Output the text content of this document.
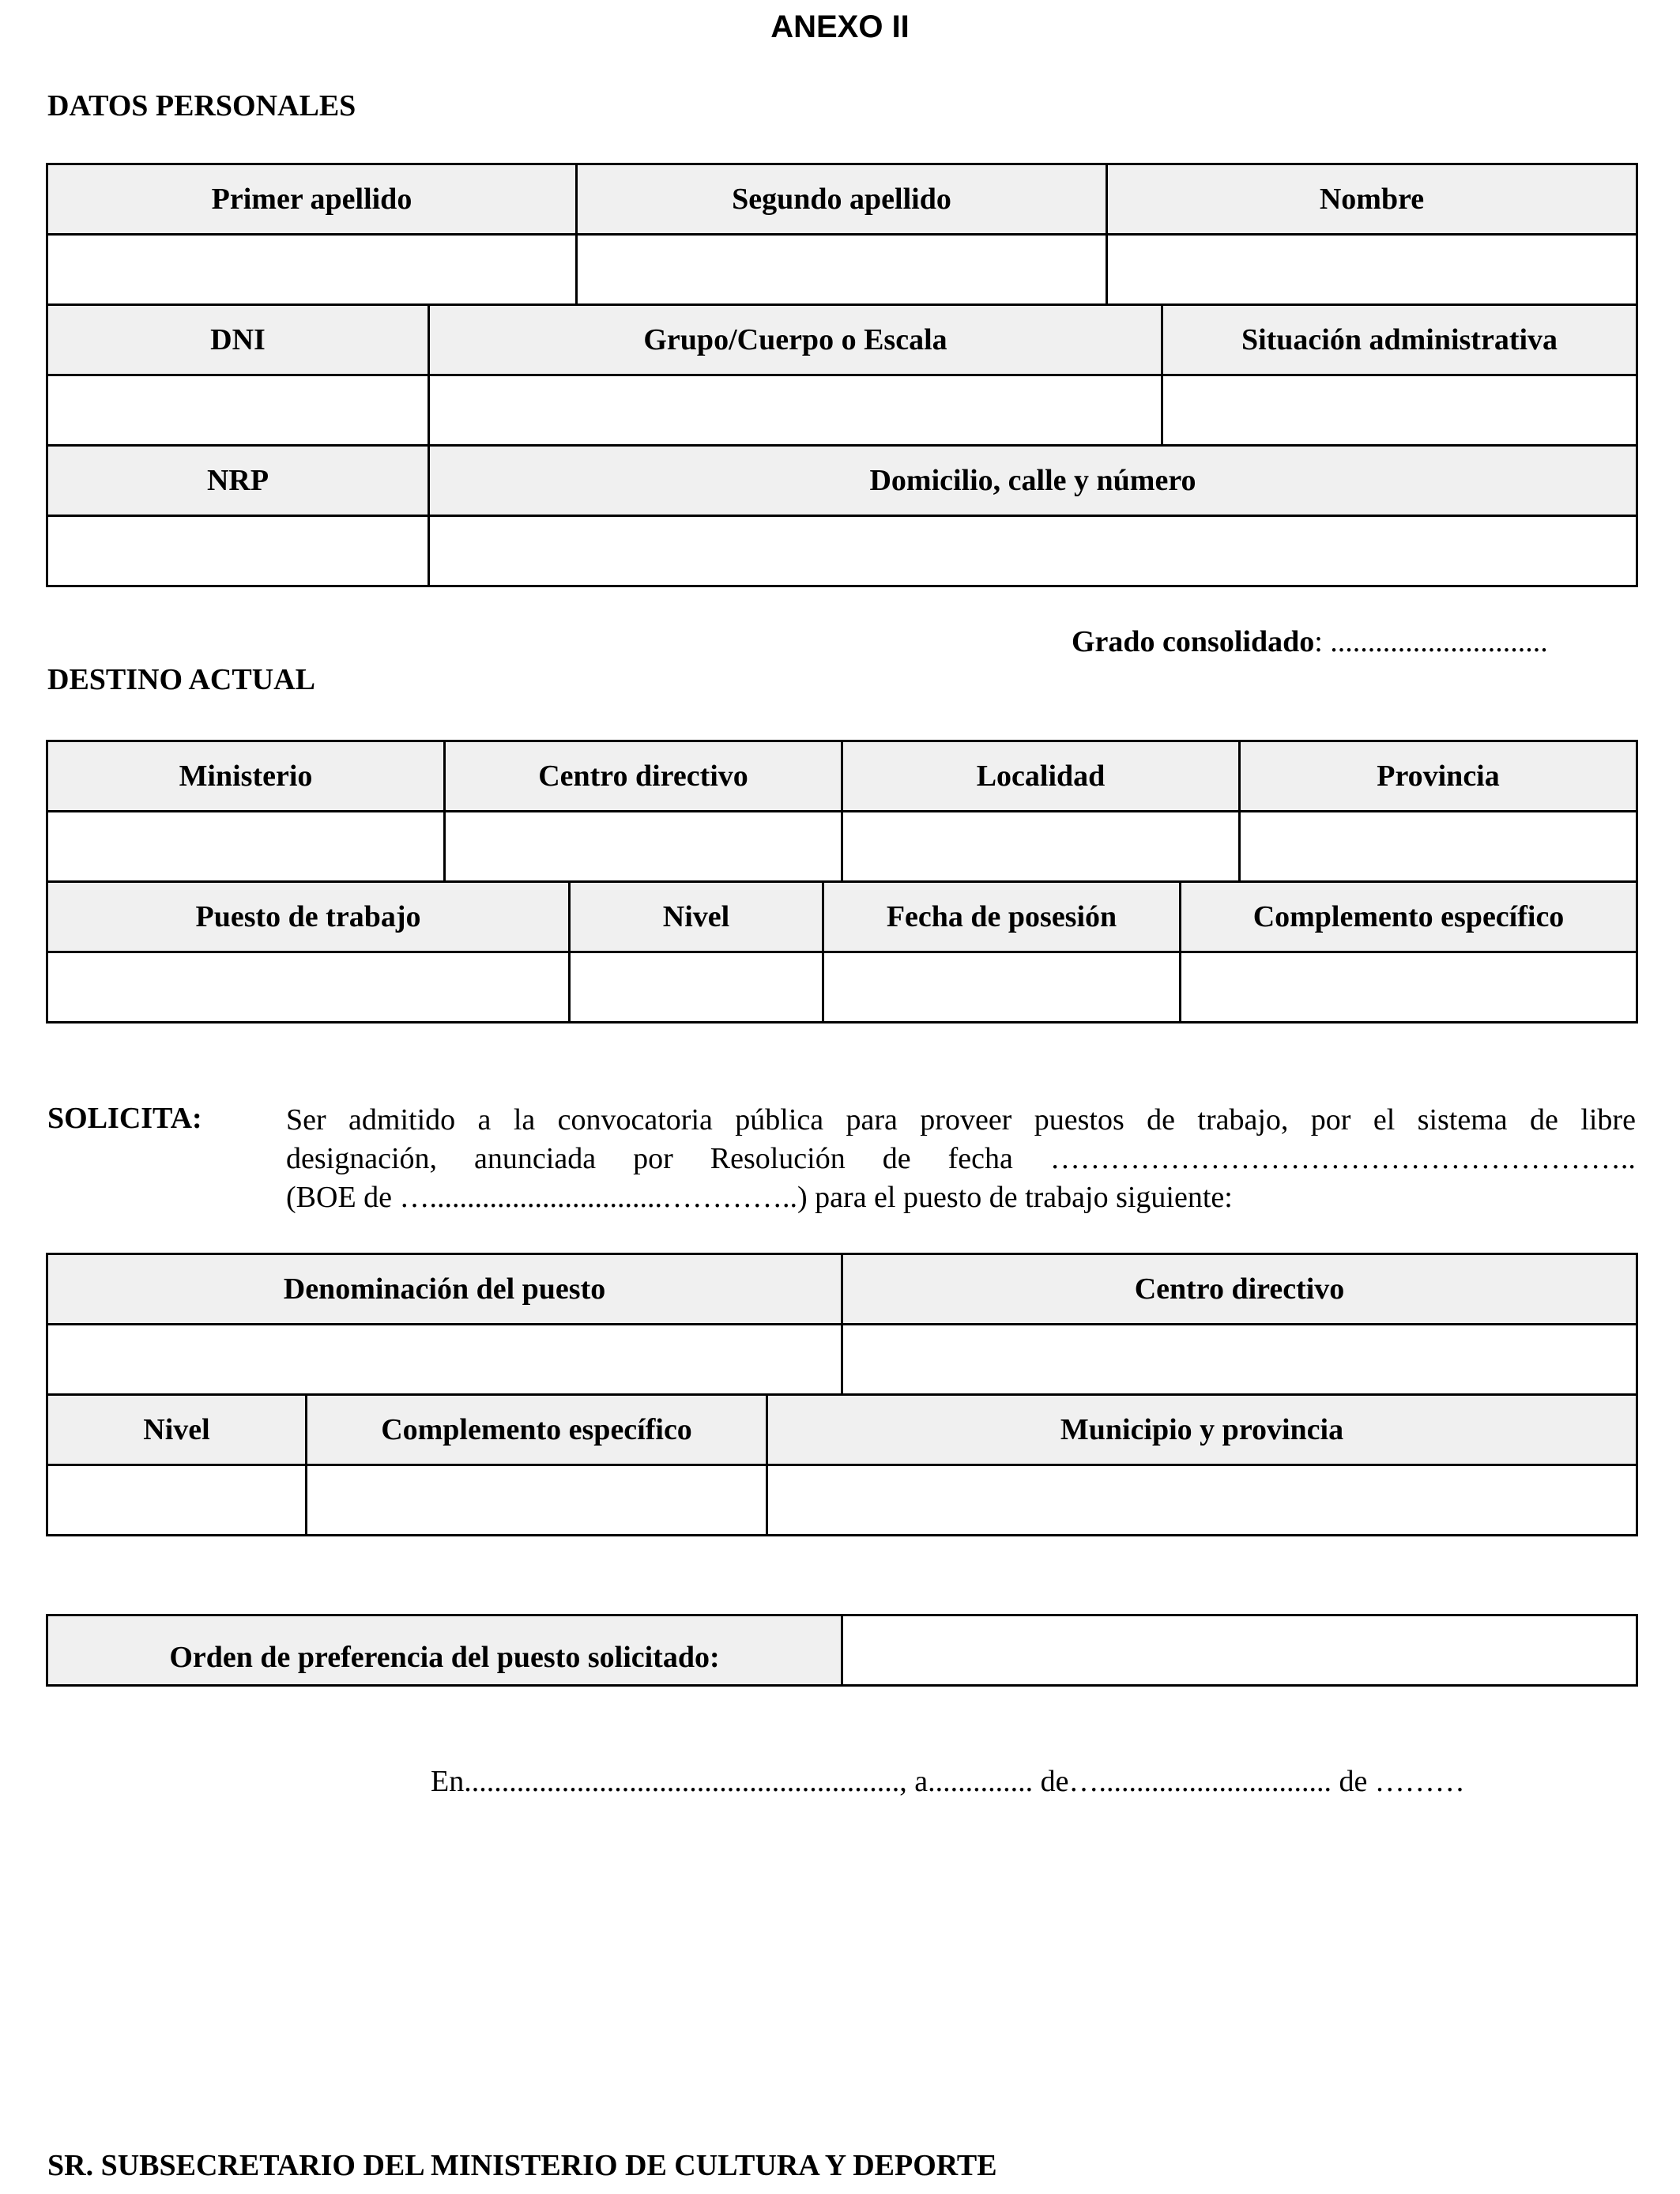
ANEXO II
DATOS PERSONALES
Primer apellido	Segundo apellido	Nombre

DNI	Grupo/Cuerpo o Escala	Situación administrativa

NRP	Domicilio, calle y número

Grado consolidado: .............................
DESTINO ACTUAL
Ministerio	Centro directivo	Localidad	Provincia

Puesto de trabajo	Nivel	Fecha de posesión	Complemento específico

SOLICITA:	Ser admitido a la convocatoria pública para proveer puestos de trabajo, por el sistema de libre
designación, anunciada por Resolución de fecha …………………………………………………..
(BOE de …...............................…………..) para el puesto de trabajo siguiente:
Denominación del puesto	Centro directivo

Nivel	Complemento específico	Municipio y provincia

Orden de preferencia del puesto solicitado:	
En.........................................................., a.............. de…............................... de ………
SR. SUBSECRETARIO DEL MINISTERIO DE CULTURA Y DEPORTE
